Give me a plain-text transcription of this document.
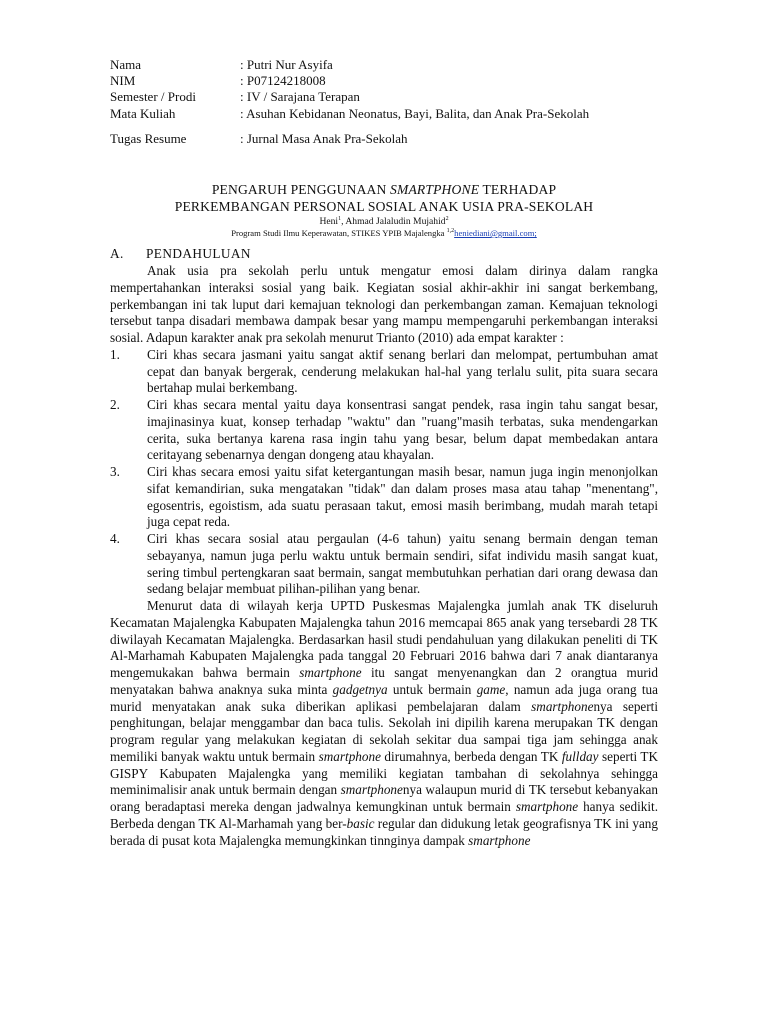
Nama	: Putri Nur Asyifa
NIM	: P07124218008
Semester / Prodi	: IV / Sarajana Terapan
Mata Kuliah	: Asuhan Kebidanan Neonatus, Bayi, Balita, dan Anak Pra-Sekolah
Tugas Resume	: Jurnal Masa Anak Pra-Sekolah
PENGARUH PENGGUNAAN SMARTPHONE TERHADAP
PERKEMBANGAN PERSONAL SOSIAL ANAK USIA PRA-SEKOLAH
Heni$^1$, Ahmad Jalaludin Mujahid$^2$
Program Studi Ilmu Keperawatan, STIKES YPIB Majalengka $^{1,2}$heniediani@gmail.com;
A.	PENDAHULUAN

Anak usia pra sekolah perlu untuk mengatur emosi dalam dirinya dalam rangka mempertahankan interaksi sosial yang baik. Kegiatan sosial akhir-akhir ini sangat berkembang, perkembangan ini tak luput dari kemajuan teknologi dan perkembangan zaman. Kemajuan teknologi tersebut tanpa disadari membawa dampak besar yang mampu mempengaruhi perkembangan interaksi sosial. Adapun karakter anak pra sekolah menurut Trianto (2010) ada empat karakter :

1.	Ciri khas secara jasmani yaitu sangat aktif senang berlari dan melompat, pertumbuhan amat cepat dan banyak bergerak, cenderung melakukan hal-hal yang terlalu sulit, pita suara secara bertahap mulai berkembang.
2.	Ciri khas secara mental yaitu daya konsentrasi sangat pendek, rasa ingin tahu sangat besar, imajinasinya kuat, konsep terhadap "waktu" dan "ruang"masih terbatas, suka mendengarkan cerita, suka bertanya karena rasa ingin tahu yang besar, belum dapat membedakan antara ceritayang sebenarnya dengan dongeng atau khayalan.
3.	Ciri khas secara emosi yaitu sifat ketergantungan masih besar, namun juga ingin menonjolkan sifat kemandirian, suka mengatakan "tidak" dan dalam proses masa atau tahap "menentang", egosentris, egoistism, ada suatu perasaan takut, emosi masih berimbang, mudah marah tetapi juga cepat reda.
4.	Ciri khas secara sosial atau pergaulan (4-6 tahun) yaitu senang bermain dengan teman sebayanya, namun juga perlu waktu untuk bermain sendiri, sifat individu masih sangat kuat, sering timbul pertengkaran saat bermain, sangat membutuhkan perhatian dari orang dewasa dan sedang belajar membuat pilihan-pilihan yang benar.

Menurut data di wilayah kerja UPTD Puskesmas Majalengka jumlah anak TK diseluruh Kecamatan Majalengka Kabupaten Majalengka tahun 2016 memcapai 865 anak yang tersebardi 28 TK diwilayah Kecamatan Majalengka. Berdasarkan hasil studi pendahuluan yang dilakukan peneliti di TK Al-Marhamah Kabupaten Majalengka pada tanggal 20 Februari 2016 bahwa dari 7 anak diantaranya mengemukakan bahwa bermain smartphone itu sangat menyenangkan dan 2 orangtua murid menyatakan bahwa anaknya suka minta gadgetnya untuk bermain game, namun ada juga orang tua murid menyatakan anak suka diberikan aplikasi pembelajaran dalam smartphonenya seperti penghitungan, belajar menggambar dan baca tulis. Sekolah ini dipilih karena merupakan TK dengan program regular yang melakukan kegiatan di sekolah sekitar dua sampai tiga jam sehingga anak memiliki banyak waktu untuk bermain smartphone dirumahnya, berbeda dengan TK fullday seperti TK GISPY Kabupaten Majalengka yang memiliki kegiatan tambahan di sekolahnya sehingga meminimalisir anak untuk bermain dengan smartphonenya walaupun murid di TK tersebut kebanyakan orang beradaptasi mereka dengan jadwalnya kemungkinan untuk bermain smartphone hanya sedikit. Berbeda dengan TK Al-Marhamah yang ber-basic regular dan didukung letak geografisnya TK ini yang berada di pusat kota Majalengka memungkinkan tinnginya dampak smartphone
